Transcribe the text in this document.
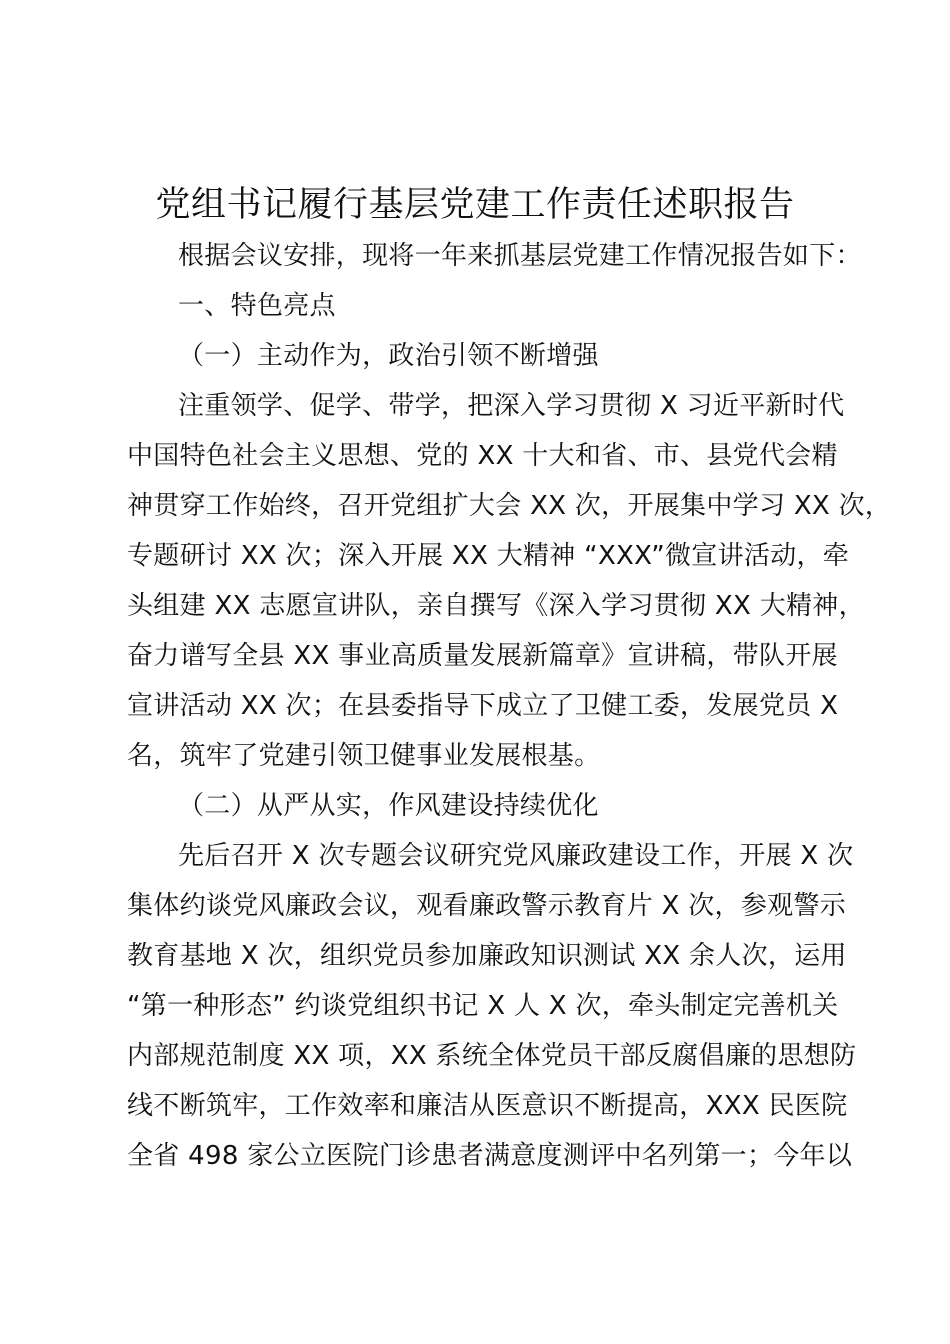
党组书记履行基层党建工作责任述职报告
根据会议安排，现将一年来抓基层党建工作情况报告如下：
一、特色亮点
（一）主动作为，政治引领不断增强
注重领学、促学、带学，把深入学习贯彻 X 习近平新时代
中国特色社会主义思想、党的 XX 十大和省、市、县党代会精
神贯穿工作始终，召开党组扩大会 XX 次，开展集中学习 XX 次，
专题研讨 XX 次；深入开展 XX 大精神 “XXX”微宣讲活动，牵
头组建 XX 志愿宣讲队，亲自撰写《深入学习贯彻 XX 大精神，
奋力谱写全县 XX 事业高质量发展新篇章》宣讲稿，带队开展
宣讲活动 XX 次；在县委指导下成立了卫健工委，发展党员 X
名，筑牢了党建引领卫健事业发展根基。
（二）从严从实，作风建设持续优化
先后召开 X 次专题会议研究党风廉政建设工作，开展 X 次
集体约谈党风廉政会议，观看廉政警示教育片 X 次，参观警示
教育基地 X 次，组织党员参加廉政知识测试 XX 余人次，运用
“第一种形态” 约谈党组织书记 X 人 X 次，牵头制定完善机关
内部规范制度 XX 项，XX 系统全体党员干部反腐倡廉的思想防
线不断筑牢，工作效率和廉洁从医意识不断提高，XXX 民医院
全省 498 家公立医院门诊患者满意度测评中名列第一；今年以
